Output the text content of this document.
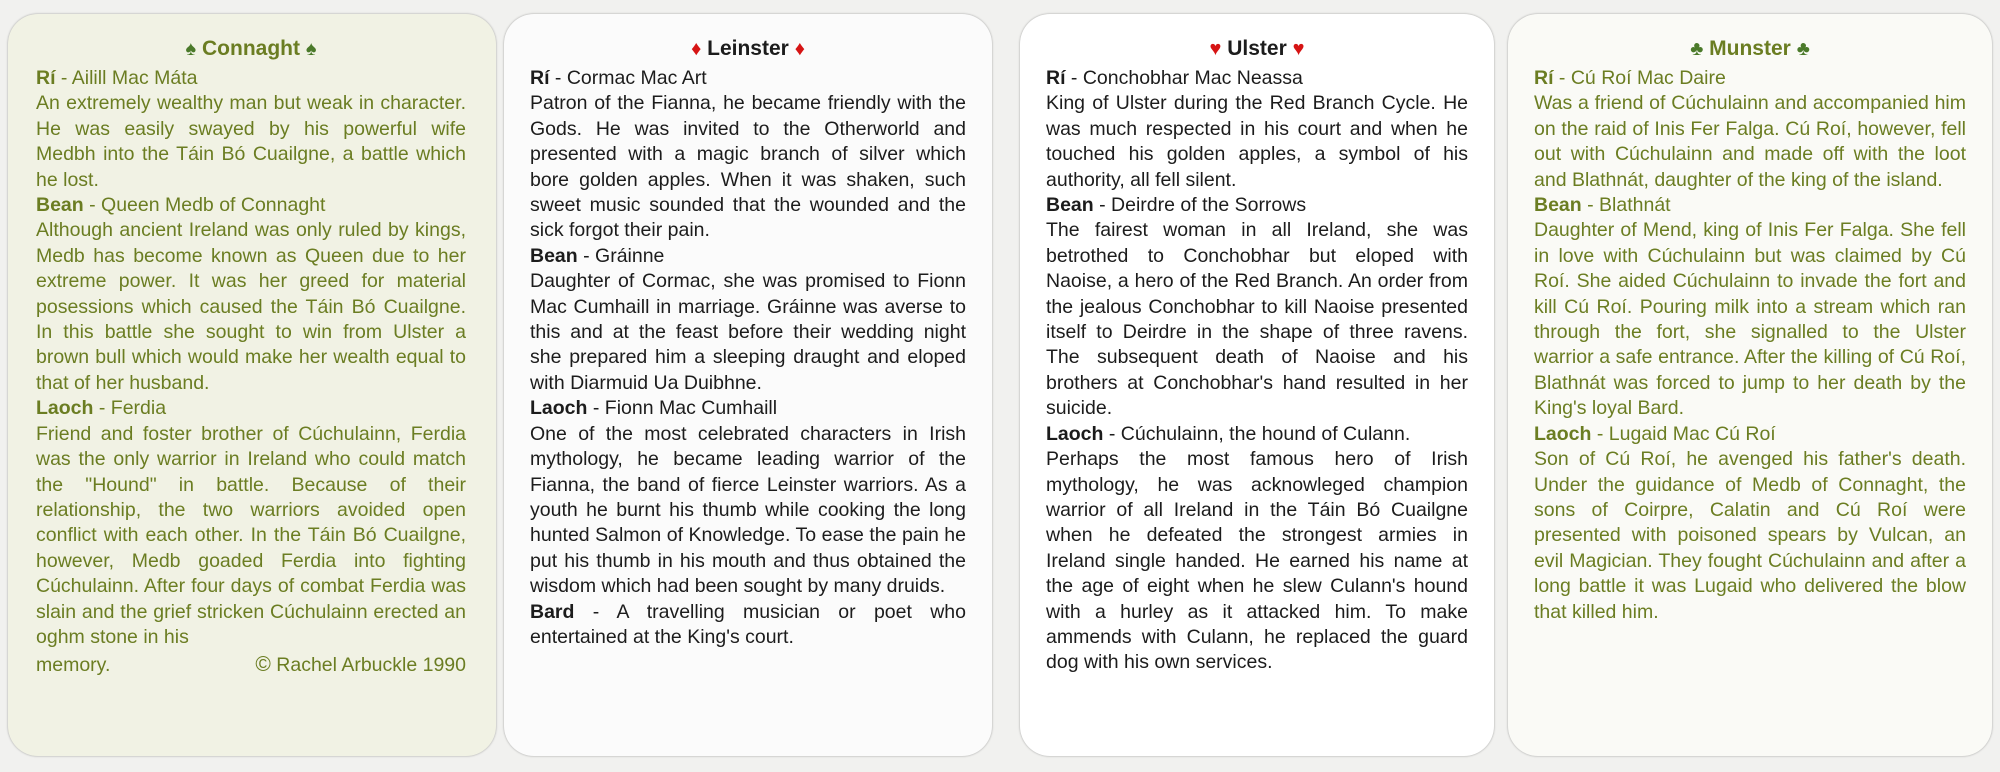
♠ Connaght ♠
Rí - Ailill Mac Máta
An extremely wealthy man but weak in character. He was easily swayed by his powerful wife Medbh into the Táin Bó Cuailgne, a battle which he lost.
Bean - Queen Medb of Connaght
Although ancient Ireland was only ruled by kings, Medb has become known as Queen due to her extreme power. It was her greed for material posessions which caused the Táin Bó Cuailgne. In this battle she sought to win from Ulster a brown bull which would make her wealth equal to that of her husband.
Laoch - Ferdia
Friend and foster brother of Cúchulainn, Ferdia was the only warrior in Ireland who could match the "Hound" in battle. Because of their relationship, the two warriors avoided open conflict with each other. In the Táin Bó Cuailgne, however, Medb goaded Ferdia into fighting Cúchulainn. After four days of combat Ferdia was slain and the grief stricken Cúchulainn erected an oghm stone in his
memory.	© Rachel Arbuckle 1990
♦ Leinster ♦
Rí - Cormac Mac Art
Patron of the Fianna, he became friendly with the Gods. He was invited to the Otherworld and presented with a magic branch of silver which bore golden apples. When it was shaken, such sweet music sounded that the wounded and the sick forgot their pain.
Bean - Gráinne
Daughter of Cormac, she was promised to Fionn Mac Cumhaill in marriage. Gráinne was averse to this and at the feast before their wedding night she prepared him a sleeping draught and eloped with Diarmuid Ua Duibhne.
Laoch - Fionn Mac Cumhaill
One of the most celebrated characters in Irish mythology, he became leading warrior of the Fianna, the band of fierce Leinster warriors. As a youth he burnt his thumb while cooking the long hunted Salmon of Knowledge. To ease the pain he put his thumb in his mouth and thus obtained the wisdom which had been sought by many druids.
Bard - A travelling musician or poet who entertained at the King's court.
♥ Ulster ♥
Rí - Conchobhar Mac Neassa
King of Ulster during the Red Branch Cycle. He was much respected in his court and when he touched his golden apples, a symbol of his authority, all fell silent.
Bean - Deirdre of the Sorrows
The fairest woman in all Ireland, she was betrothed to Conchobhar but eloped with Naoise, a hero of the Red Branch. An order from the jealous Conchobhar to kill Naoise presented itself to Deirdre in the shape of three ravens. The subsequent death of Naoise and his brothers at Conchobhar's hand resulted in her suicide.
Laoch - Cúchulainn, the hound of Culann.
Perhaps the most famous hero of Irish mythology, he was acknowleged champion warrior of all Ireland in the Táin Bó Cuailgne when he defeated the strongest armies in Ireland single handed. He earned his name at the age of eight when he slew Culann's hound with a hurley as it attacked him. To make ammends with Culann, he replaced the guard dog with his own services.
♣ Munster ♣
Rí - Cú Roí Mac Daire
Was a friend of Cúchulainn and accompanied him on the raid of Inis Fer Falga. Cú Roí, however, fell out with Cúchulainn and made off with the loot and Blathnát, daughter of the king of the island.
Bean - Blathnát
Daughter of Mend, king of Inis Fer Falga. She fell in love with Cúchulainn but was claimed by Cú Roí. She aided Cúchulainn to invade the fort and kill Cú Roí. Pouring milk into a stream which ran through the fort, she signalled to the Ulster warrior a safe entrance. After the killing of Cú Roí, Blathnát was forced to jump to her death by the King's loyal Bard.
Laoch - Lugaid Mac Cú Roí
Son of Cú Roí, he avenged his father's death. Under the guidance of Medb of Connaght, the sons of Coirpre, Calatin and Cú Roí were presented with poisoned spears by Vulcan, an evil Magician. They fought Cúchulainn and after a long battle it was Lugaid who delivered the blow that killed him.
